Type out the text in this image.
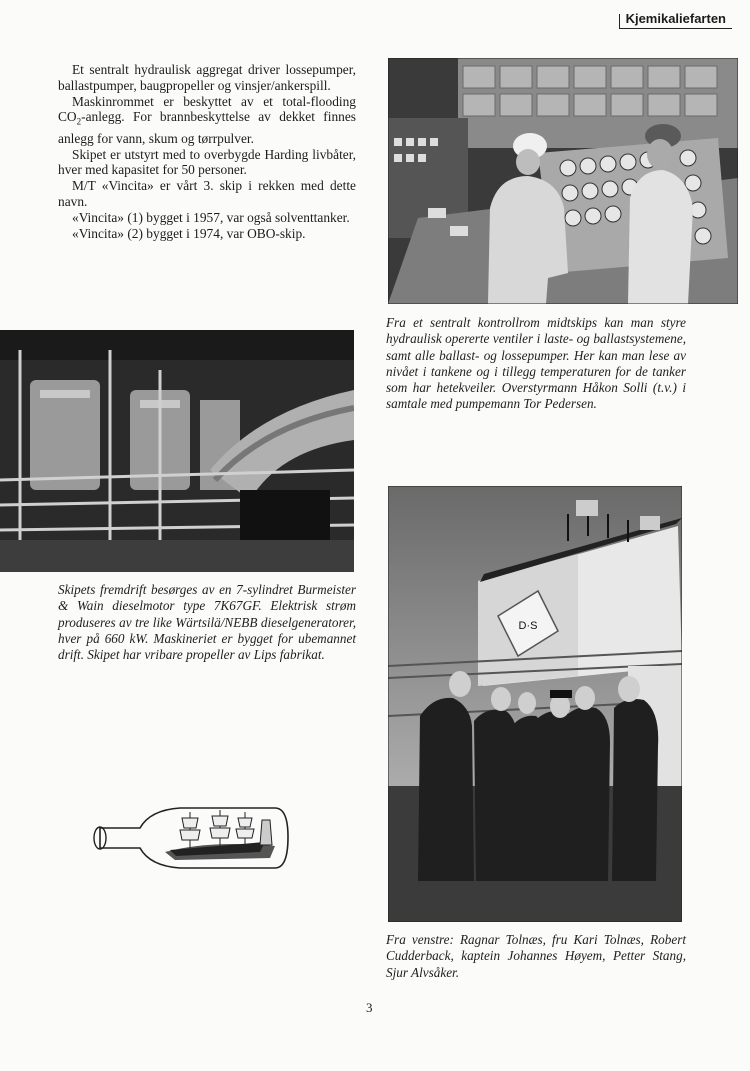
Kjemikaliefarten

Et sentralt hydraulisk aggregat driver lossepumper, ballastpumper, baugpropeller og vinsjer/ankerspill.

Maskinrommet er beskyttet av et total-flooding $CO_2$-anlegg. For brannbeskyttelse av dekket finnes anlegg for vann, skum og tørrpulver.

Skipet er utstyrt med to overbygde Harding livbåter, hver med kapasitet for 50 personer.

M/T «Vincita» er vårt 3. skip i rekken med dette navn.

«Vincita» (1) bygget i 1957, var også solventtanker.

«Vincita» (2) bygget i 1974, var OBO-skip.

Fra et sentralt kontrollrom midtskips kan man styre hydraulisk opererte ventiler i laste- og ballastsystemene, samt alle ballast- og lossepumper. Her kan man lese av nivået i tankene og i tillegg temperaturen for de tanker som har hetekveiler. Overstyrmann Håkon Solli (t.v.) i samtale med pumpemann Tor Pedersen.
Skipets fremdrift besørges av en 7-sylindret Burmeister & Wain dieselmotor type 7K67GF. Elektrisk strøm produseres av tre like Wärtsilä/NEBB dieselgeneratorer, hver på 660 kW. Maskineriet er bygget for ubemannet drift. Skipet har vribare propeller av Lips fabrikat.
D·S
Fra venstre: Ragnar Tolnæs, fru Kari Tolnæs, Robert Cudderback, kaptein Johannes Høyem, Petter Stang, Sjur Alvsåker.
3
